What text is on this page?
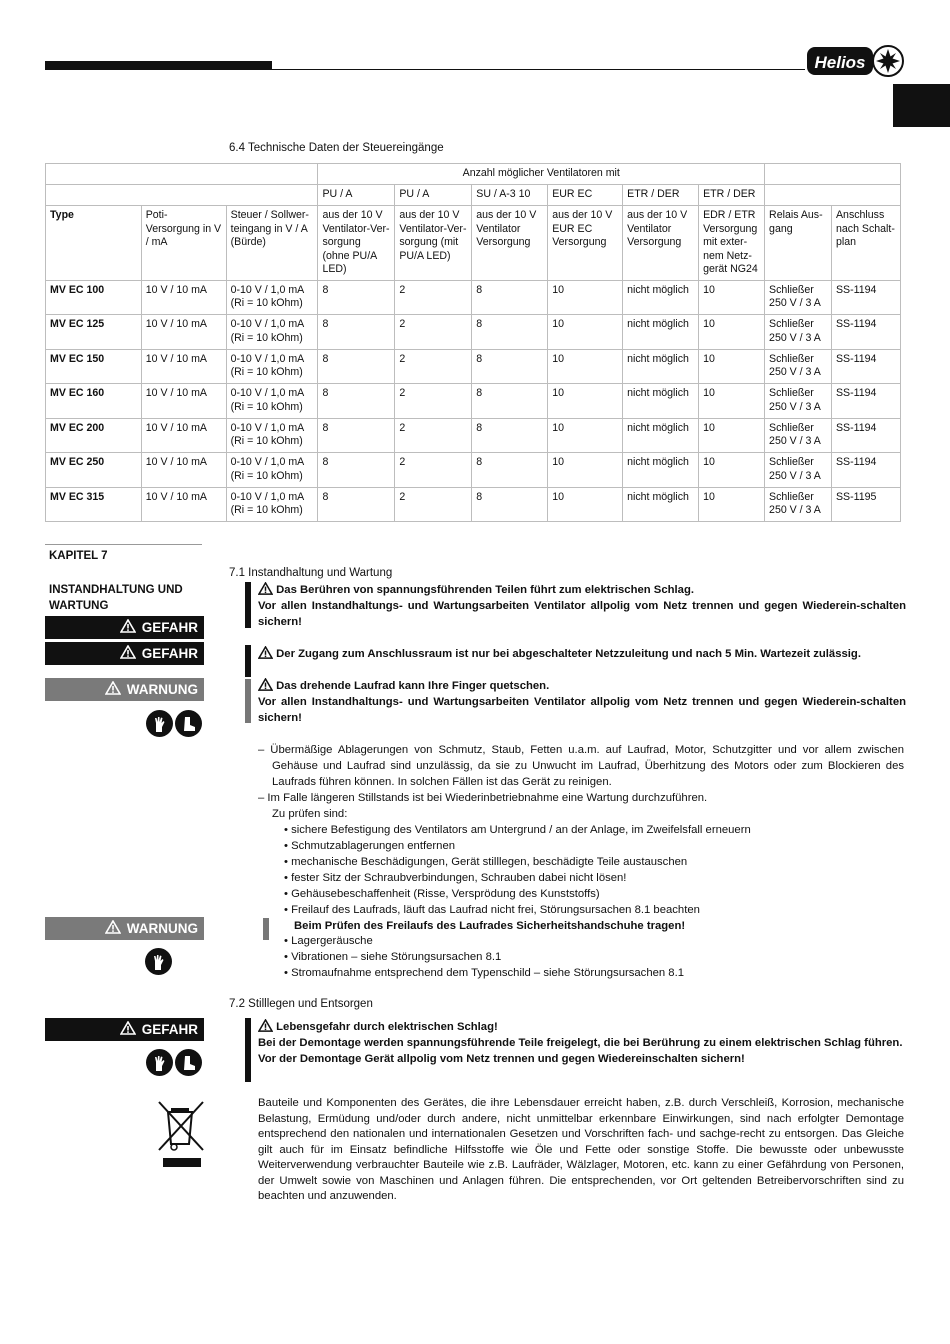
Helios
6.4 Technische Daten der Steuereingänge
			Anzahl möglicher Ventilatoren mit							
			PU / A	PU / A	SU / A-3 10	EUR EC	ETR / DER	ETR / DER		
Type	Poti-Versorgung in V / mA	Steuer / Sollwer-teingang in V / A (Bürde)	aus der 10 V Ventilator-Ver-sorgung (ohne PU/A LED)	aus der 10 V Ventilator-Ver-sorgung (mit PU/A LED)	aus der 10 V Ventilator Versorgung	aus der 10 V EUR EC Versorgung	aus der 10 V Ventilator Versorgung	EDR / ETR Versorgung mit exter-nem Netz-gerät NG24	Relais Aus-gang	Anschluss nach Schalt-plan
MV EC 100	10 V / 10 mA	0-10 V / 1,0 mA (Ri = 10 kOhm)	8	2	8	10	nicht möglich	10	Schließer 250 V / 3 A	SS-1194
MV EC 125	10 V / 10 mA	0-10 V / 1,0 mA (Ri = 10 kOhm)	8	2	8	10	nicht möglich	10	Schließer 250 V / 3 A	SS-1194
MV EC 150	10 V / 10 mA	0-10 V / 1,0 mA (Ri = 10 kOhm)	8	2	8	10	nicht möglich	10	Schließer 250 V / 3 A	SS-1194
MV EC 160	10 V / 10 mA	0-10 V / 1,0 mA (Ri = 10 kOhm)	8	2	8	10	nicht möglich	10	Schließer 250 V / 3 A	SS-1194
MV EC 200	10 V / 10 mA	0-10 V / 1,0 mA (Ri = 10 kOhm)	8	2	8	10	nicht möglich	10	Schließer 250 V / 3 A	SS-1194
MV EC 250	10 V / 10 mA	0-10 V / 1,0 mA (Ri = 10 kOhm)	8	2	8	10	nicht möglich	10	Schließer 250 V / 3 A	SS-1194
MV EC 315	10 V / 10 mA	0-10 V / 1,0 mA (Ri = 10 kOhm)	8	2	8	10	nicht möglich	10	Schließer 250 V / 3 A	SS-1195
KAPITEL 7
INSTANDHALTUNG UND WARTUNG
GEFAHR
GEFAHR
WARNUNG
WARNUNG
GEFAHR
7.1 Instandhaltung und Wartung
Das Berühren von spannungsführenden Teilen führt zum elektrischen Schlag.
Vor allen Instandhaltungs- und Wartungsarbeiten Ventilator allpolig vom Netz trennen und gegen Wiederein-schalten sichern!
Der Zugang zum Anschlussraum ist nur bei abgeschalteter Netzzuleitung und nach 5 Min. Wartezeit zulässig.
Das drehende Laufrad kann Ihre Finger quetschen.
Vor allen Instandhaltungs- und Wartungsarbeiten Ventilator allpolig vom Netz trennen und gegen Wiederein-schalten sichern!
– Übermäßige Ablagerungen von Schmutz, Staub, Fetten u.a.m. auf Laufrad, Motor, Schutzgitter und vor allem zwischen Gehäuse und Laufrad sind unzulässig, da sie zu Unwucht im Laufrad, Überhitzung des Motors oder zum Blockieren des Laufrads führen können. In solchen Fällen ist das Gerät zu reinigen.
– Im Falle längeren Stillstands ist bei Wiederinbetriebnahme eine Wartung durchzuführen.
Zu prüfen sind:
• sichere Befestigung des Ventilators am Untergrund / an der Anlage, im Zweifelsfall erneuern
• Schmutzablagerungen entfernen
• mechanische Beschädigungen, Gerät stilllegen, beschädigte Teile austauschen
• fester Sitz der Schraubverbindungen, Schrauben dabei nicht lösen!
• Gehäusebeschaffenheit (Risse, Versprödung des Kunststoffs)
• Freilauf des Laufrads, läuft das Laufrad nicht frei, Störungsursachen 8.1 beachten
Beim Prüfen des Freilaufs des Laufrades Sicherheitshandschuhe tragen!
• Lagergeräusche
• Vibrationen – siehe Störungsursachen 8.1
• Stromaufnahme entsprechend dem Typenschild – siehe Störungsursachen 8.1
7.2 Stilllegen und Entsorgen
Lebensgefahr durch elektrischen Schlag!
Bei der Demontage werden spannungsführende Teile freigelegt, die bei Berührung zu einem elektrischen Schlag führen.
Vor der Demontage Gerät allpolig vom Netz trennen und gegen Wiedereinschalten sichern!
Bauteile und Komponenten des Gerätes, die ihre Lebensdauer erreicht haben, z.B. durch Verschleiß, Korrosion, mechanische Belastung, Ermüdung und/oder durch andere, nicht unmittelbar erkennbare Einwirkungen, sind nach erfolgter Demontage entsprechend den nationalen und internationalen Gesetzen und Vorschriften fach- und sachge-recht zu entsorgen. Das Gleiche gilt auch für im Einsatz befindliche Hilfsstoffe wie Öle und Fette oder sonstige Stoffe. Die bewusste oder unbewusste Weiterverwendung verbrauchter Bauteile wie z.B. Laufräder, Wälzlager, Motoren, etc. kann zu einer Gefährdung von Personen, der Umwelt sowie von Maschinen und Anlagen führen. Die entsprechenden, vor Ort geltenden Betreibervorschriften sind zu beachten und anzuwenden.
